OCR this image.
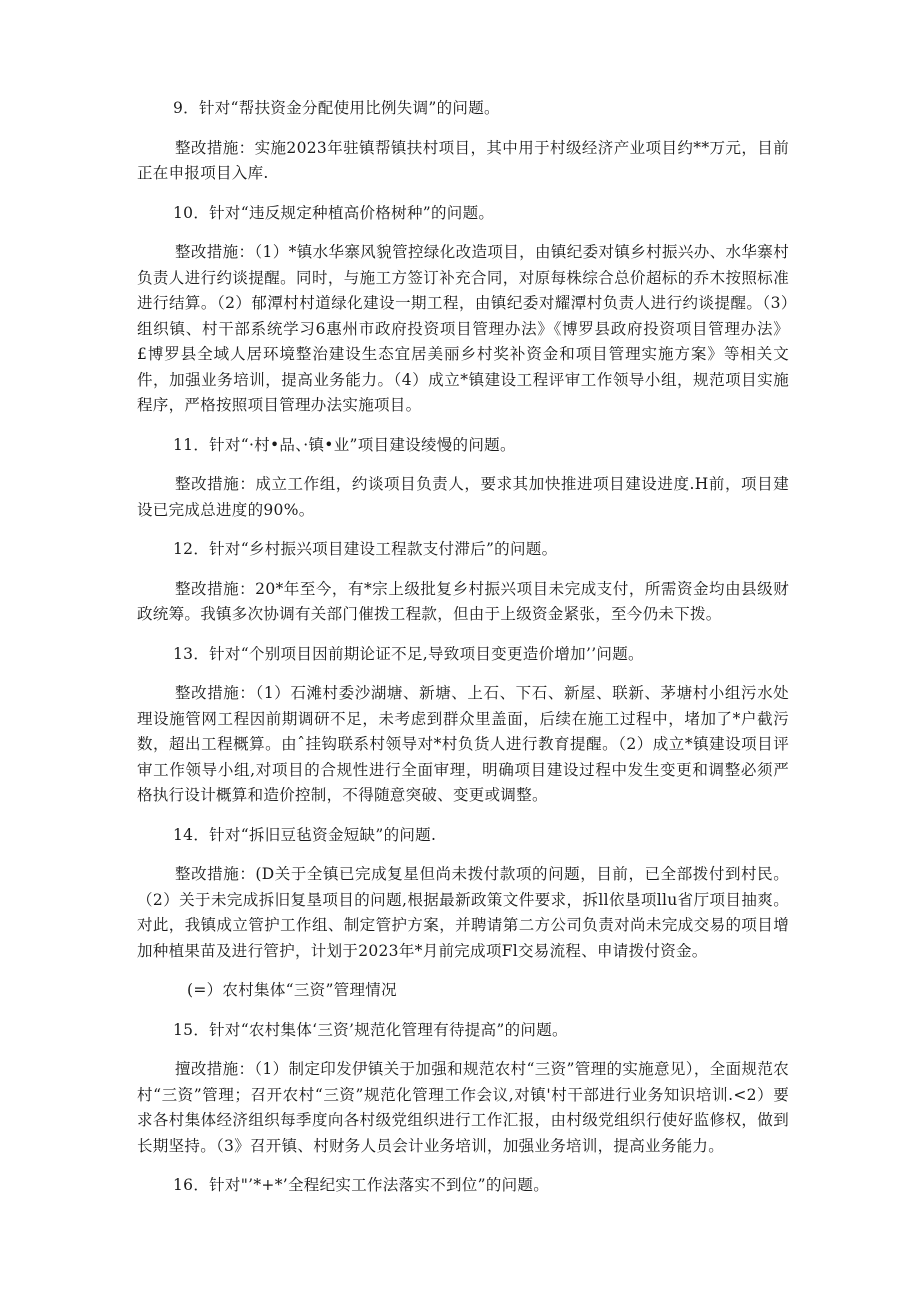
9．针对“帮扶资金分配使用比例失调”的问题。

整改措施：实施2023年驻镇帮镇扶村项目，其中用于村级经济产业项目约**万元，目前正在申报项目入库.

10．针对“违反规定种植高价格树种”的问题。

整改措施：（1）*镇水华寨风貌管控绿化改造项目，由镇纪委对镇乡村振兴办、水华寨村负责人进行约谈提醒。同时，与施工方签订补充合同，对原每株综合总价超标的乔木按照标准进行结算。（2）郁潭村村道绿化建设一期工程，由镇纪委对耀潭村负责人进行约谈提醒。（3）组织镇、村干部系统学习6惠州市政府投资项目管理办法》《博罗县政府投资项目管理办法》£博罗县全域人居环境整治建设生态宜居美丽乡村奖补资金和项目管理实施方案》等相关文件，加强业务培训，提高业务能力。（4）成立*镇建设工程评审工作领导小组，规范项目实施程序，严格按照项目管理办法实施项目。

11．针对“·村•品、·镇•业”项目建设绫慢的问题。

整改措施：成立工作组，约谈项目负责人，要求其加快推进项目建设进度.H前，项目建设已完成总进度的90%。

12．针对“乡村振兴项目建设工程款支付滞后”的问题。

整改措施：20*年至今，有*宗上级批复乡村振兴项目未完成支付，所需资金均由县级财政统筹。我镇多次协调有关部门催拨工程款，但由于上级资金紧张，至今仍未下拨。

13．针对“个别项目因前期论证不足,导致项目变更造价增加’’问题。

整改措施：（1）石滩村委沙湖塘、新塘、上石、下石、新屋、联新、茅塘村小组污水处理设施管网工程因前期调研不足，未考虑到群众里盖面，后续在施工过程中，堵加了*户截污数，超出工程概算。由ˆ挂钩联系村领导对*村负货人进行教育提醒。（2）成立*镇建设项目评审工作领导小组,对项目的合规性进行全面审理，明确项目建设过程中发生变更和调整必须严格执行设计概算和造价控制，不得随意突破、变更或调整。

14．针对“拆旧豆毡资金短缺”的问题.

整改措施：(D关于全镇已完成复星但尚未拨付款项的问题，目前，已全部拨付到村民。（2）关于未完成拆旧复垦项目的问题,根据最新政策文件要求，拆ll依垦项llu省厅项目抽爽。对此，我镇成立管护工作组、制定管护方案，并聘请第二方公司负责对尚未完成交易的项目增加种植果苗及进行管护，计划于2023年*月前完成项Fl交易流程、申请拨付资金。

(=）农村集体“三资”管理情况

15．针对“农村集体‘三资’规范化管理有待提高”的问题。

擅改措施：（1）制定印发伊镇关于加强和规范农村“三资”管理的实施意见），全面规范农村“三资”管理；召开农村“三资”规范化管理工作会议,对镇'村干部进行业务知识培训.<2）要求各村集体经济组织每季度向各村级党组织进行工作汇报，由村级党组织行使好监修权，做到长期坚持。（3》召开镇、村财务人员会计业务培训，加强业务培训，提高业务能力。

16．针对"’*+*’全程纪实工作法落实不到位”的问题。
